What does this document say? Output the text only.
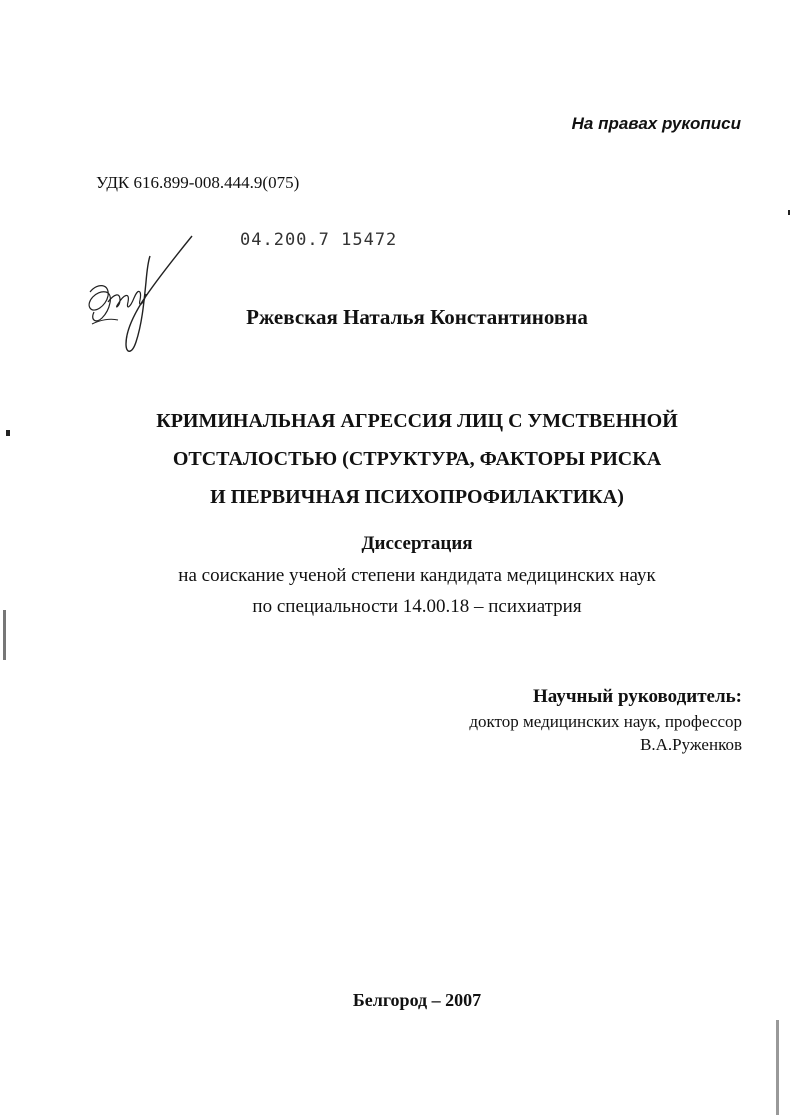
На правах рукописи
УДК 616.899-008.444.9(075)
04.200.7 15472
Ржевская Наталья Константиновна
КРИМИНАЛЬНАЯ АГРЕССИЯ ЛИЦ С УМСТВЕННОЙ
ОТСТАЛОСТЬЮ (СТРУКТУРА, ФАКТОРЫ РИСКА
И ПЕРВИЧНАЯ ПСИХОПРОФИЛАКТИКА)
Диссертация
на соискание ученой степени кандидата медицинских наук
по специальности 14.00.18 – психиатрия
Научный руководитель:
доктор медицинских наук, профессор
В.А.Руженков
Белгород – 2007
